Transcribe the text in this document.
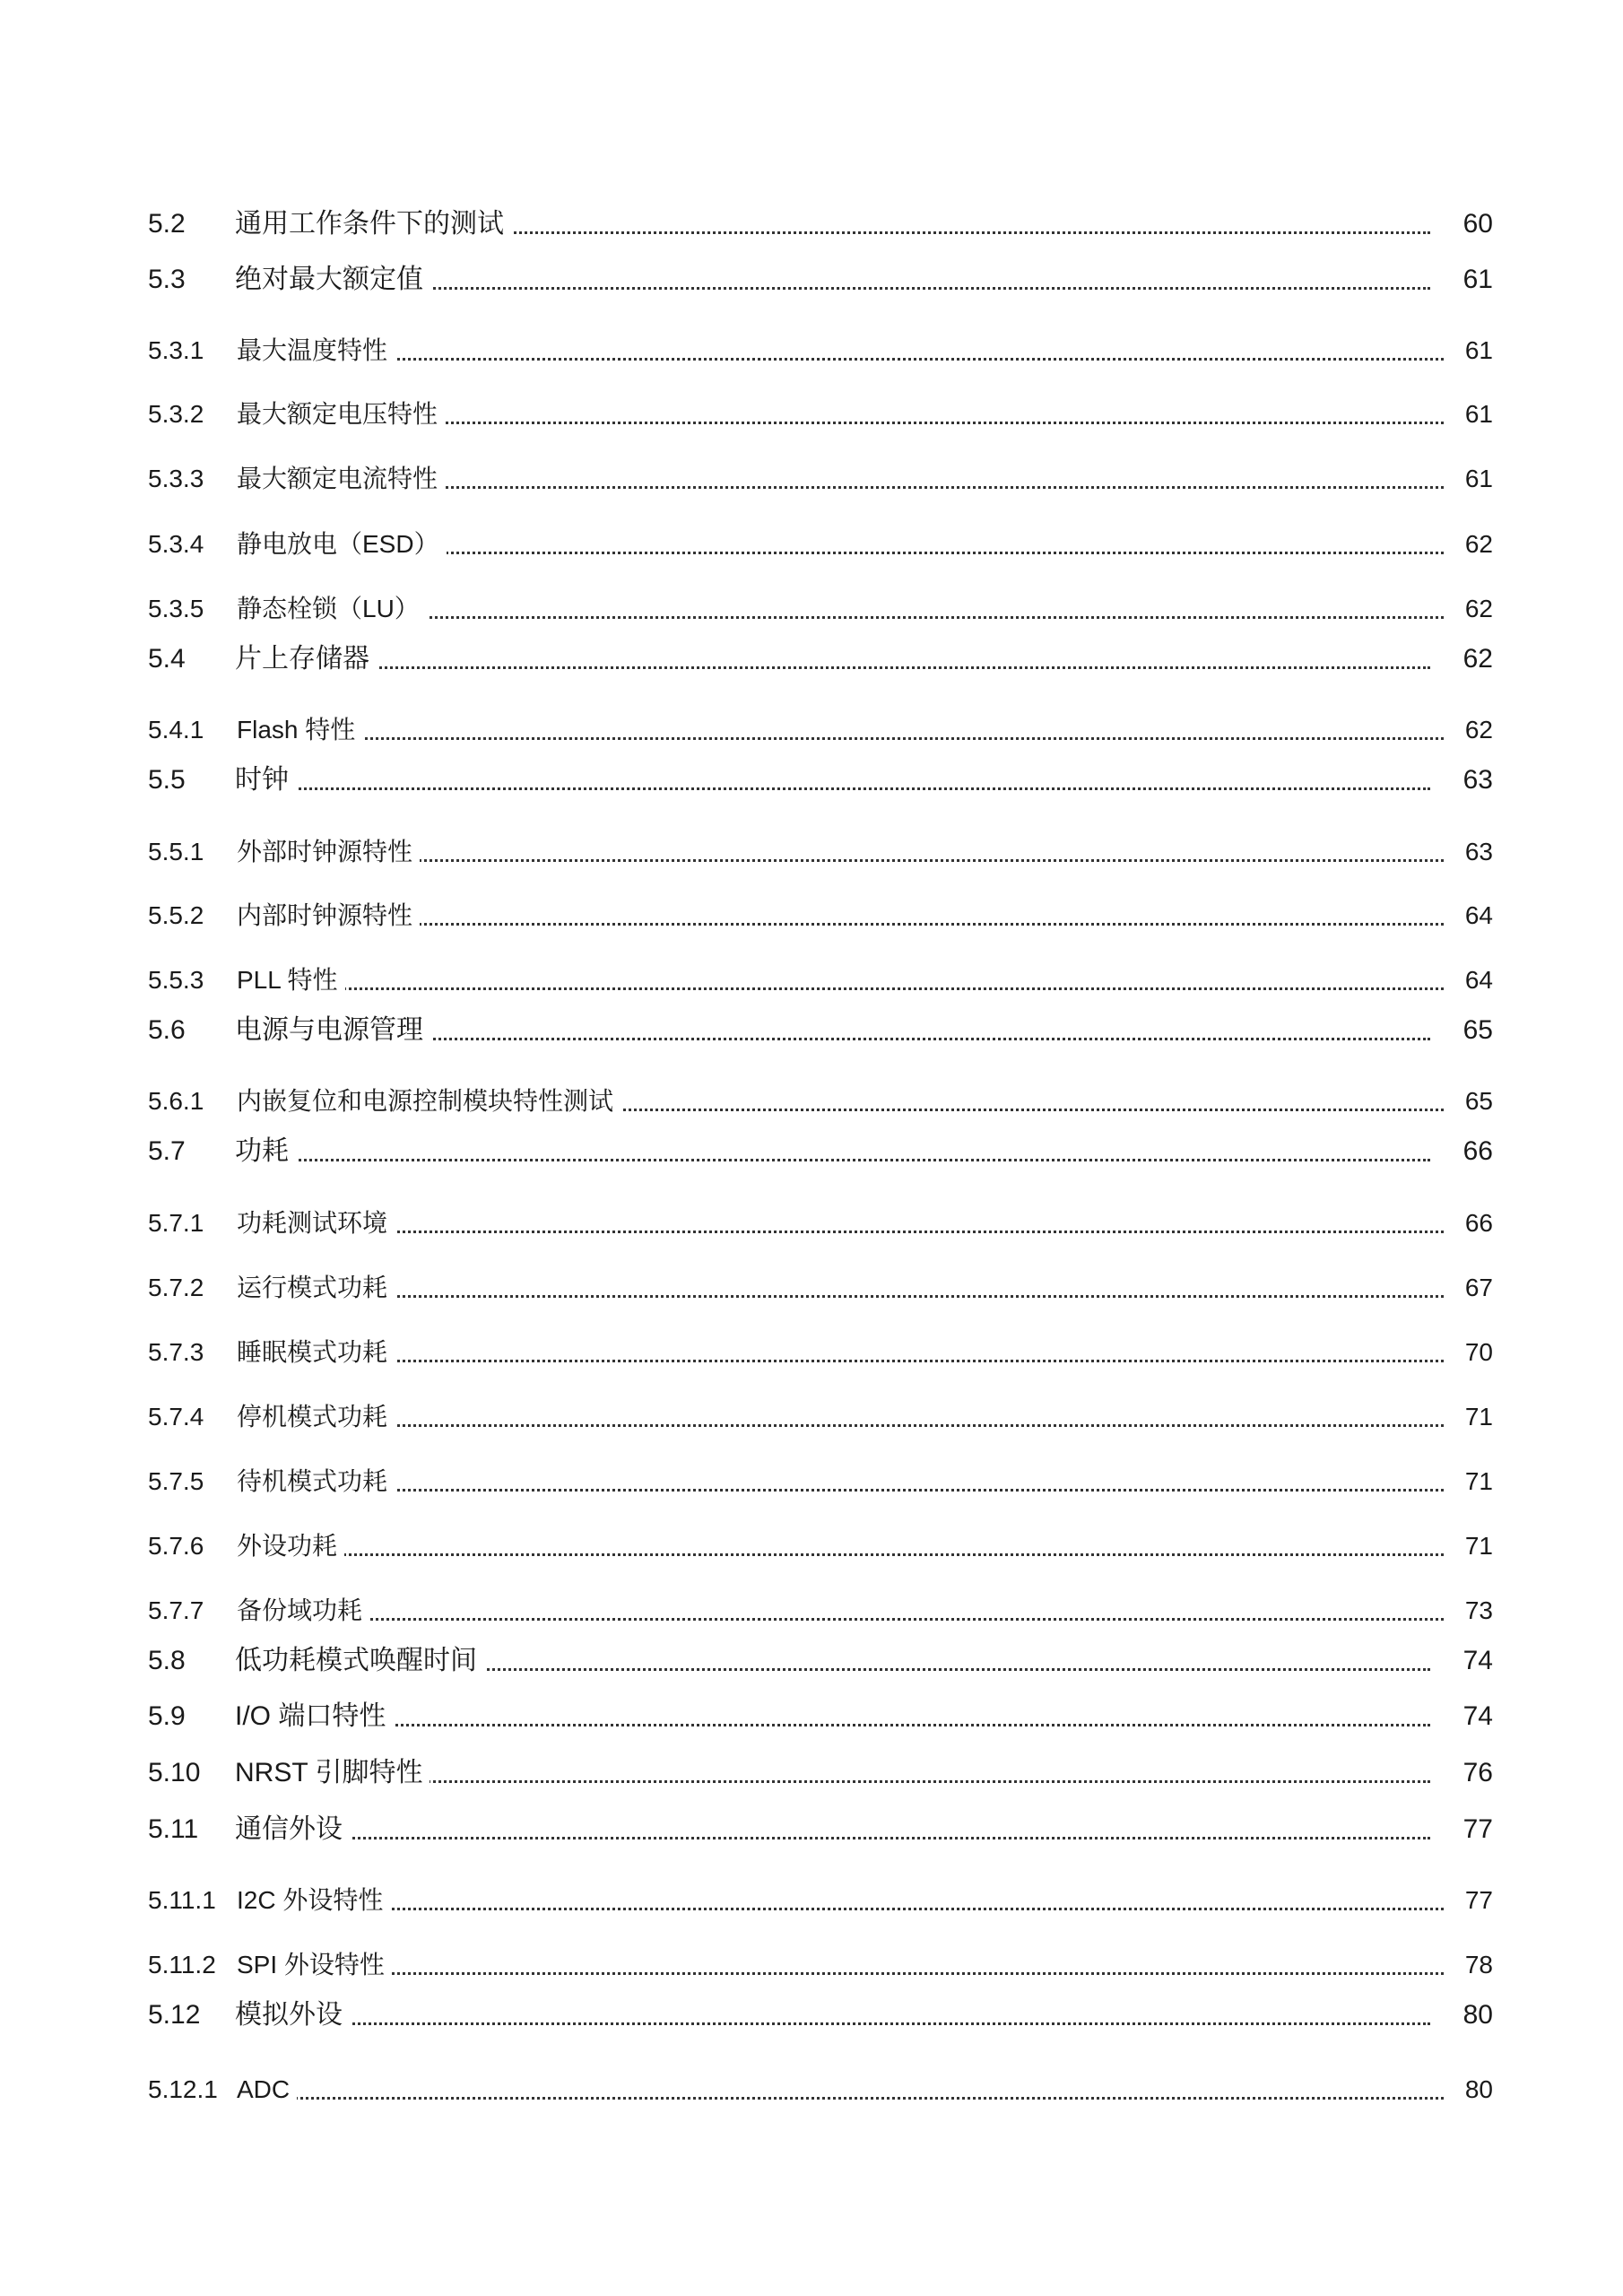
5.2 通用工作条件下的测试	60
5.3 绝对最大额定值	61
5.3.1 最大温度特性	61
5.3.2 最大额定电压特性	61
5.3.3 最大额定电流特性	61
5.3.4 静电放电（ESD）	62
5.3.5 静态栓锁（LU）	62
5.4 片上存储器	62
5.4.1 Flash 特性	62
5.5 时钟	63
5.5.1 外部时钟源特性	63
5.5.2 内部时钟源特性	64
5.5.3 PLL 特性	64
5.6 电源与电源管理	65
5.6.1 内嵌复位和电源控制模块特性测试	65
5.7 功耗	66
5.7.1 功耗测试环境	66
5.7.2 运行模式功耗	67
5.7.3 睡眠模式功耗	70
5.7.4 停机模式功耗	71
5.7.5 待机模式功耗	71
5.7.6 外设功耗	71
5.7.7 备份域功耗	73
5.8 低功耗模式唤醒时间	74
5.9 I/O 端口特性	74
5.10 NRST 引脚特性	76
5.11 通信外设	77
5.11.1 I2C 外设特性	77
5.11.2 SPI 外设特性	78
5.12 模拟外设	80
5.12.1 ADC	80
